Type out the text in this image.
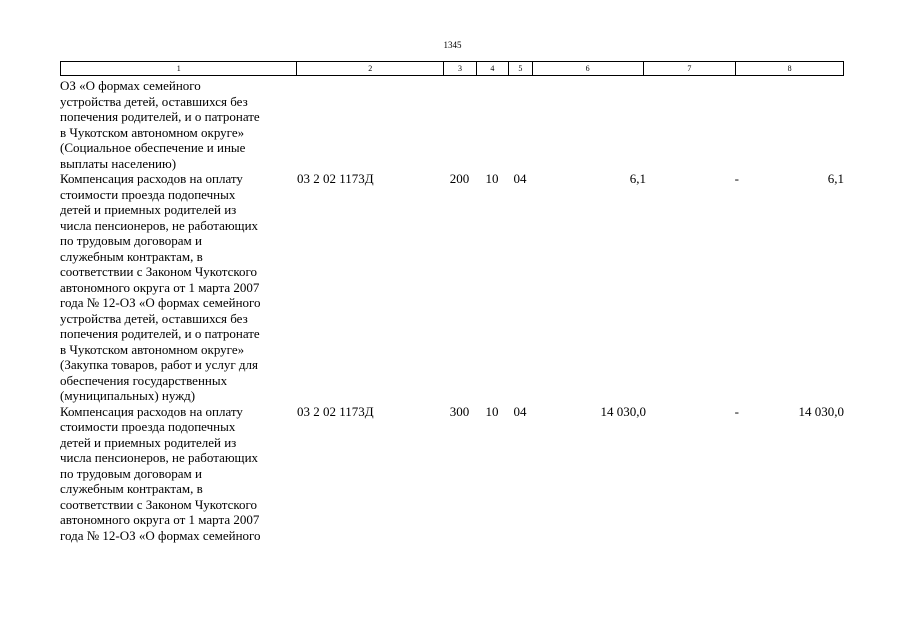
1345
1	2	3	4	5	6	7	8
ОЗ «О формах семейного
устройства детей, оставшихся без
попечения родителей, и о патронате
в Чукотском автономном округе»
(Социальное обеспечение и иные
выплаты населению)
Компенсация расходов на оплату
стоимости проезда подопечных
детей и приемных родителей из
числа пенсионеров, не работающих
по трудовым договорам и
служебным контрактам, в
соответствии с Законом Чукотского
автономного округа от 1 марта 2007
года № 12-ОЗ «О формах семейного
устройства детей, оставшихся без
попечения родителей, и о патронате
в Чукотском автономном округе»
(Закупка товаров, работ и услуг для
обеспечения государственных
(муниципальных) нужд)
03 2 02 1173Д	200	10	04	6,1	-	6,1
Компенсация расходов на оплату
стоимости проезда подопечных
детей и приемных родителей из
числа пенсионеров, не работающих
по трудовым договорам и
служебным контрактам, в
соответствии с Законом Чукотского
автономного округа от 1 марта 2007
года № 12-ОЗ «О формах семейного
03 2 02 1173Д	300	10	04	14 030,0	-	14 030,0
